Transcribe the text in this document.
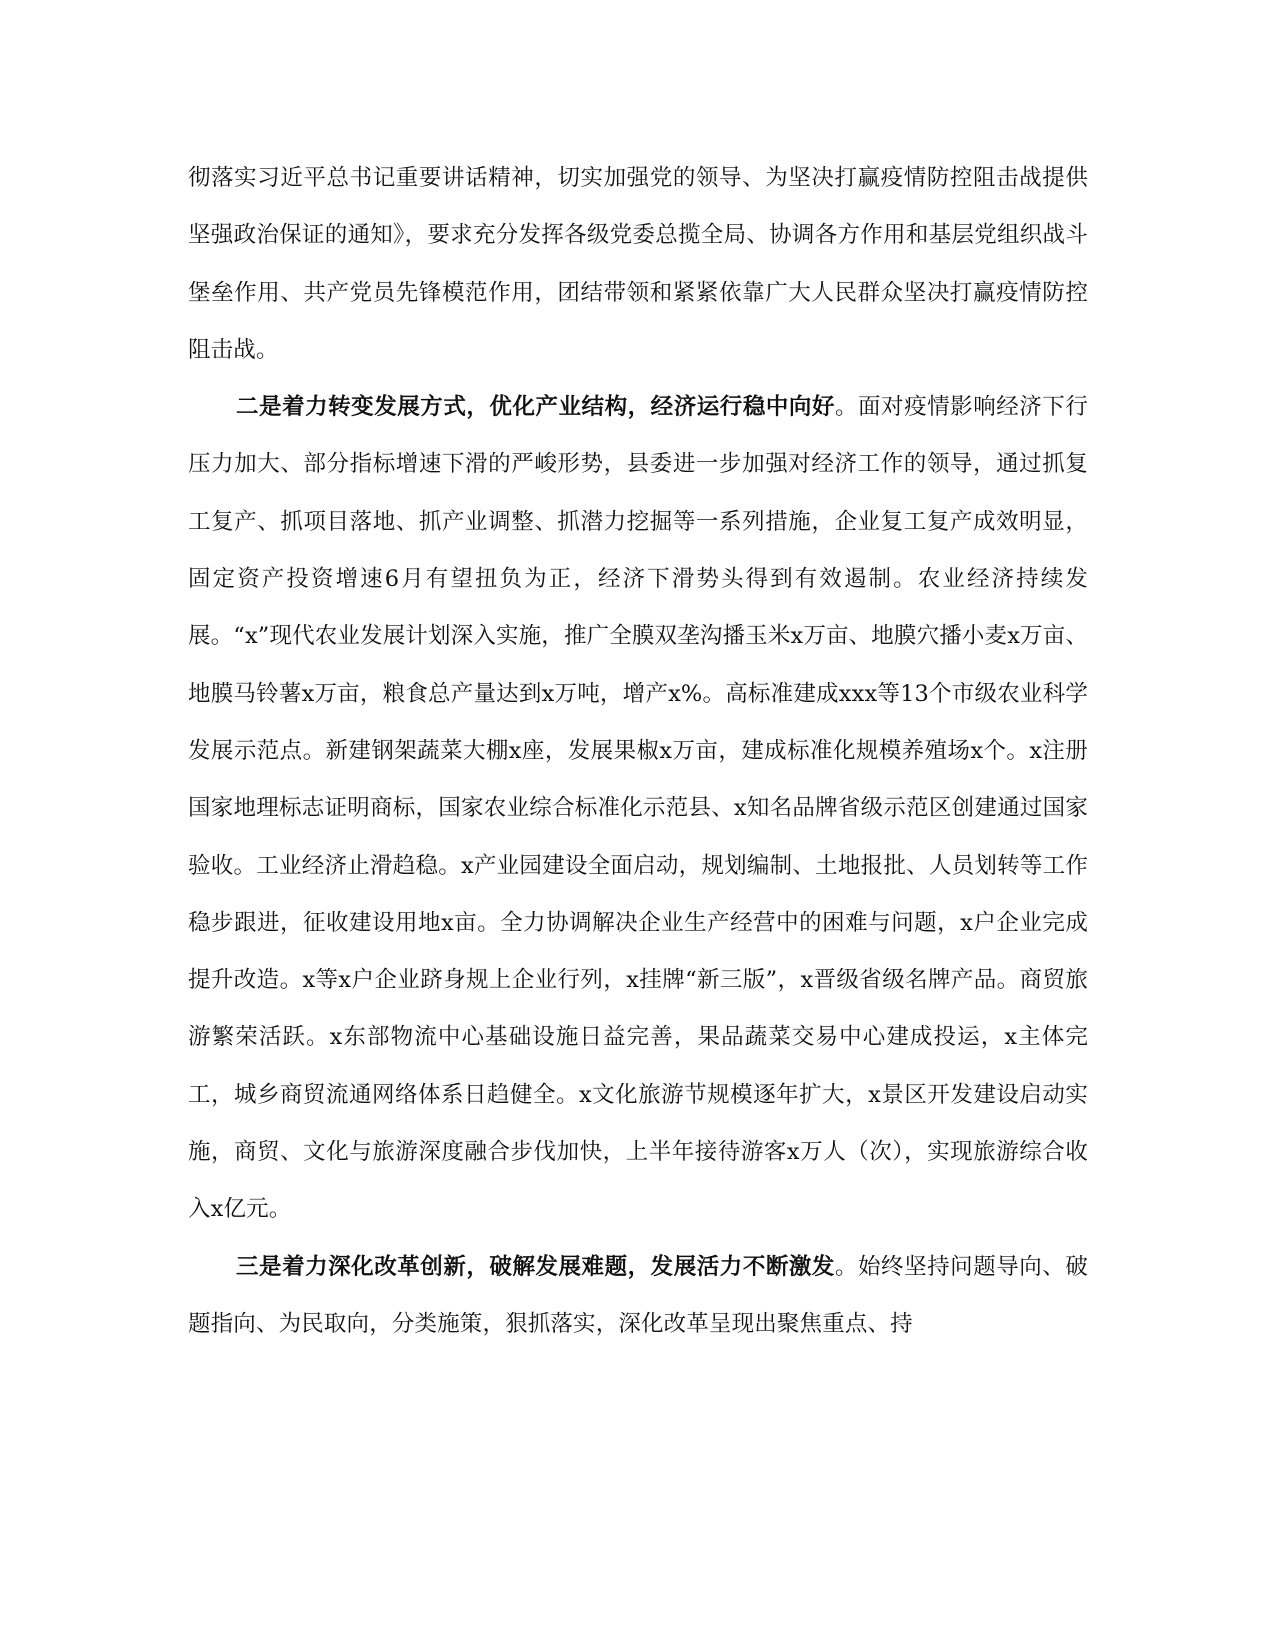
彻落实习近平总书记重要讲话精神，切实加强党的领导、为坚决打赢疫情防控阻击战提供坚强政治保证的通知》，要求充分发挥各级党委总揽全局、协调各方作用和基层党组织战斗堡垒作用、共产党员先锋模范作用，团结带领和紧紧依靠广大人民群众坚决打赢疫情防控阻击战。

二是着力转变发展方式，优化产业结构，经济运行稳中向好。面对疫情影响经济下行压力加大、部分指标增速下滑的严峻形势，县委进一步加强对经济工作的领导，通过抓复工复产、抓项目落地、抓产业调整、抓潜力挖掘等一系列措施，企业复工复产成效明显，固定资产投资增速6月有望扭负为正，经济下滑势头得到有效遏制。农业经济持续发展。“x”现代农业发展计划深入实施，推广全膜双垄沟播玉米x万亩、地膜穴播小麦x万亩、地膜马铃薯x万亩，粮食总产量达到x万吨，增产x%。高标准建成xxx等13个市级农业科学发展示范点。新建钢架蔬菜大棚x座，发展果椒x万亩，建成标准化规模养殖场x个。x注册国家地理标志证明商标，国家农业综合标准化示范县、x知名品牌省级示范区创建通过国家验收。工业经济止滑趋稳。x产业园建设全面启动，规划编制、土地报批、人员划转等工作稳步跟进，征收建设用地x亩。全力协调解决企业生产经营中的困难与问题，x户企业完成提升改造。x等x户企业跻身规上企业行列，x挂牌“新三版”，x晋级省级名牌产品。商贸旅游繁荣活跃。x东部物流中心基础设施日益完善，果品蔬菜交易中心建成投运，x主体完工，城乡商贸流通网络体系日趋健全。x文化旅游节规模逐年扩大，x景区开发建设启动实施，商贸、文化与旅游深度融合步伐加快，上半年接待游客x万人（次），实现旅游综合收入x亿元。

三是着力深化改革创新，破解发展难题，发展活力不断激发。始终坚持问题导向、破题指向、为民取向，分类施策，狠抓落实，深化改革呈现出聚焦重点、持
